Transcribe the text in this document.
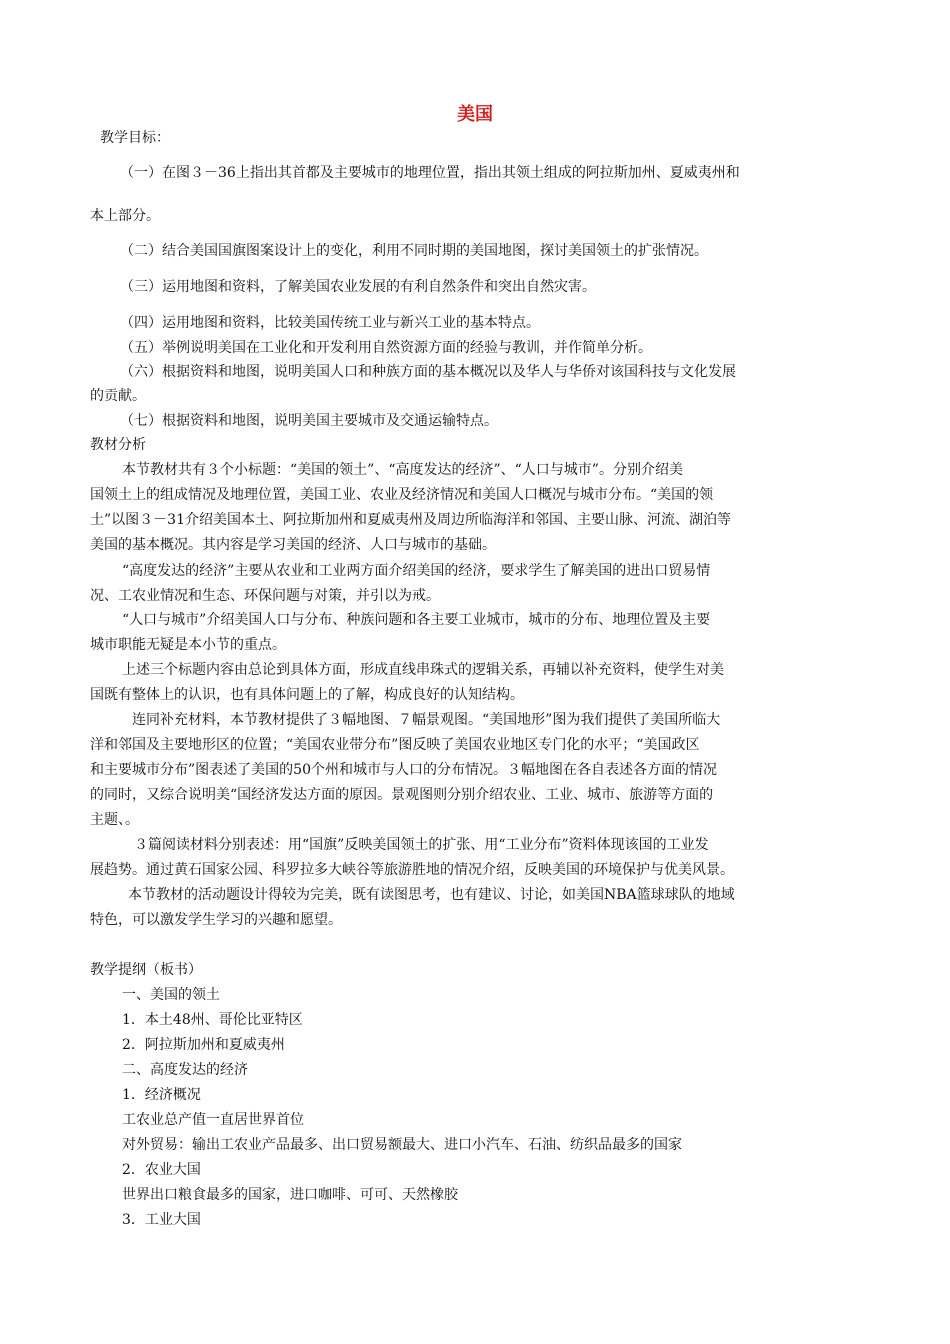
美国
教学目标：
（一）在图３－36上指出其首都及主要城市的地理位置，指出其领土组成的阿拉斯加州、夏威夷州和
本上部分。
（二）结合美国国旗图案设计上的变化，利用不同时期的美国地图，探讨美国领土的扩张情况。
（三）运用地图和资料，了解美国农业发展的有利自然条件和突出自然灾害。
（四）运用地图和资料，比较美国传统工业与新兴工业的基本特点。
（五）举例说明美国在工业化和开发利用自然资源方面的经验与教训，并作简单分析。
（六）根据资料和地图，说明美国人口和种族方面的基本概况以及华人与华侨对该国科技与文化发展
的贡献。
（七）根据资料和地图，说明美国主要城市及交通运输特点。
教材分析
本节教材共有３个小标题：“美国的领土”、“高度发达的经济”、“人口与城市”。分别介绍美
国领土上的组成情况及地理位置，美国工业、农业及经济情况和美国人口概况与城市分布。“美国的领
土”以图３－31介绍美国本土、阿拉斯加州和夏威夷州及周边所临海洋和邻国、主要山脉、河流、湖泊等
美国的基本概况。其内容是学习美国的经济、人口与城市的基础。
“高度发达的经济”主要从农业和工业两方面介绍美国的经济，要求学生了解美国的进出口贸易情
况、工农业情况和生态、环保问题与对策，并引以为戒。
“人口与城市”介绍美国人口与分布、种族问题和各主要工业城市，城市的分布、地理位置及主要
城市职能无疑是本小节的重点。
上述三个标题内容由总论到具体方面，形成直线串珠式的逻辑关系，再辅以补充资料，使学生对美
国既有整体上的认识，也有具体问题上的了解，构成良好的认知结构。
连同补充材料，本节教材提供了３幅地图、７幅景观图。“美国地形”图为我们提供了美国所临大
洋和邻国及主要地形区的位置；“美国农业带分布”图反映了美国农业地区专门化的水平；“美国政区
和主要城市分布”图表述了美国的50个州和城市与人口的分布情况。３幅地图在各自表述各方面的情况
的同时，又综合说明美“国经济发达方面的原因。景观图则分别介绍农业、工业、城市、旅游等方面的
主题、。
３篇阅读材料分别表述：用“国旗”反映美国领土的扩张、用“工业分布”资料体现该国的工业发
展趋势。通过黄石国家公园、科罗拉多大峡谷等旅游胜地的情况介绍，反映美国的环境保护与优美风景。
本节教材的活动题设计得较为完美，既有读图思考，也有建议、讨论，如美国NBA篮球球队的地域
特色，可以激发学生学习的兴趣和愿望。
教学提纲（板书）
一、美国的领土
1．本土48州、哥伦比亚特区
2．阿拉斯加州和夏威夷州
二、高度发达的经济
1．经济概况
工农业总产值一直居世界首位
对外贸易：输出工农业产品最多、出口贸易额最大、进口小汽车、石油、纺织品最多的国家
2．农业大国
世界出口粮食最多的国家，进口咖啡、可可、天然橡胶
3．工业大国
